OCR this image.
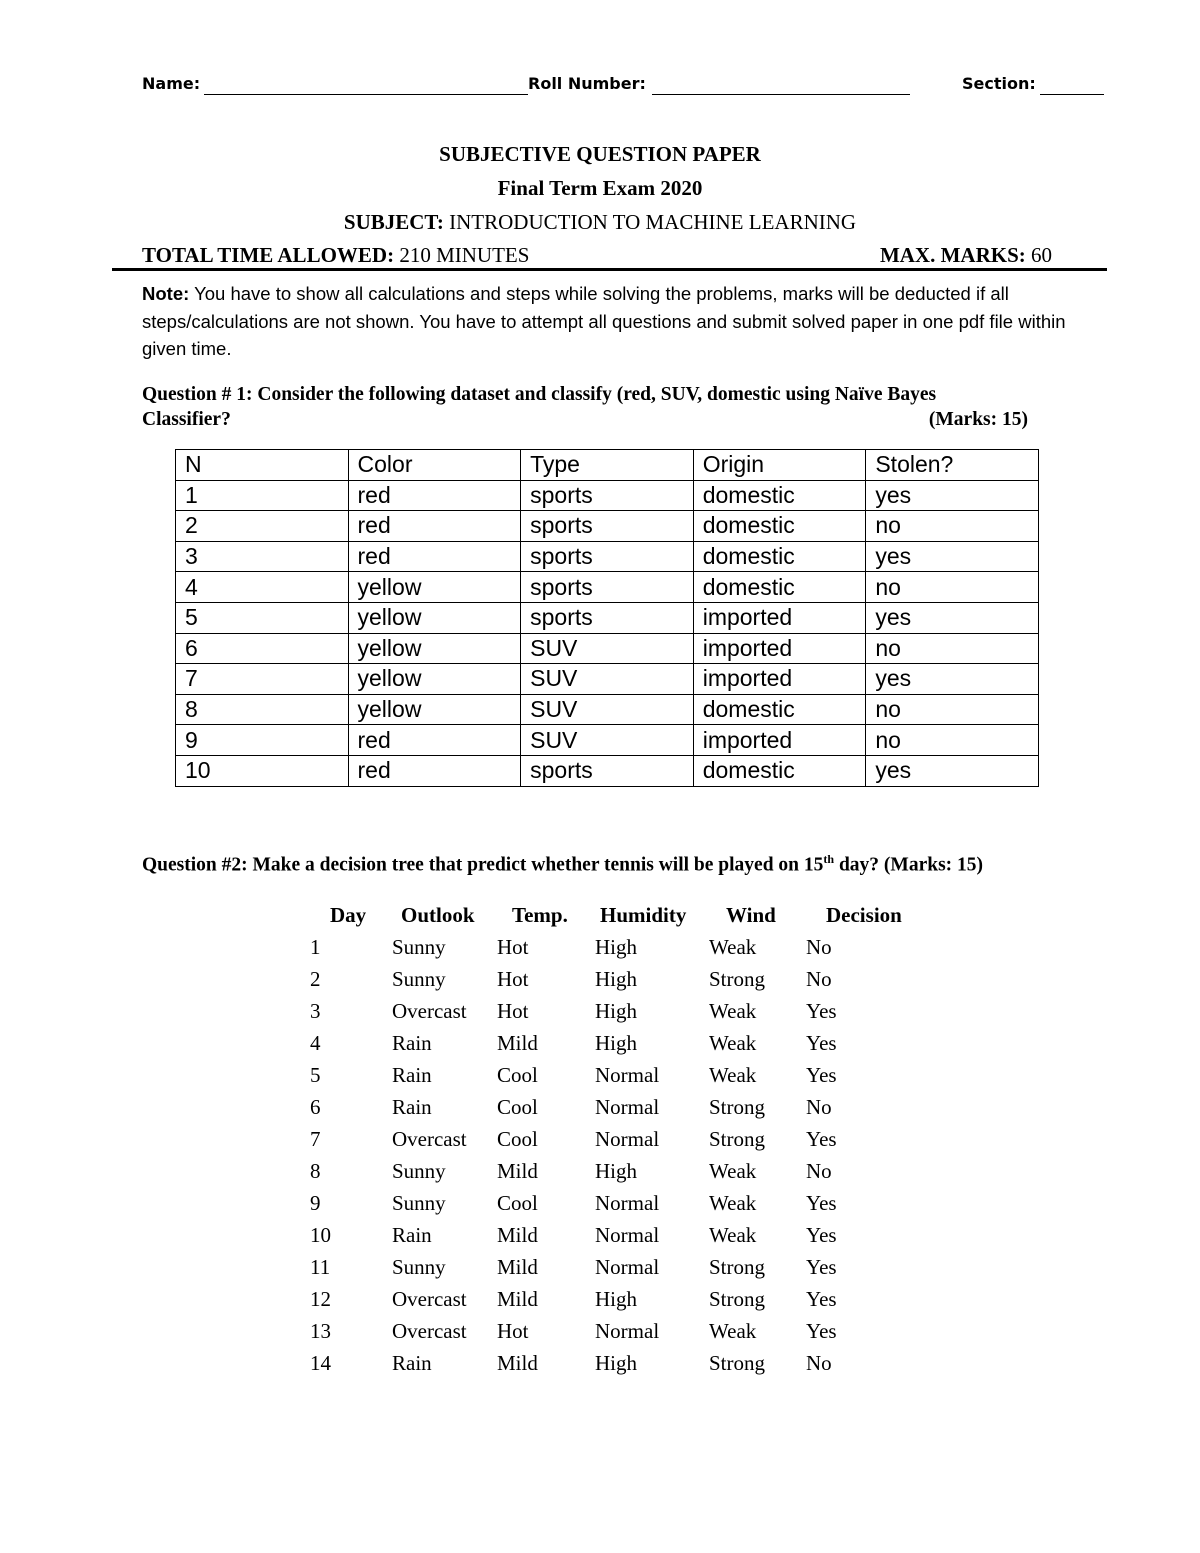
Name:	Roll Number:	Section:
SUBJECTIVE QUESTION PAPER
Final Term Exam 2020
SUBJECT: INTRODUCTION TO MACHINE LEARNING
TOTAL TIME ALLOWED: 210 MINUTES	MAX. MARKS: 60
Note: You have to show all calculations and steps while solving the problems, marks will be deducted if all steps/calculations are not shown. You have to attempt all questions and submit solved paper in one pdf file within given time.
Question # 1: Consider the following dataset and classify (red, SUV, domestic using Naïve Bayes Classifier?	(Marks: 15)
N	Color	Type	Origin	Stolen?
1	red	sports	domestic	yes
2	red	sports	domestic	no
3	red	sports	domestic	yes
4	yellow	sports	domestic	no
5	yellow	sports	imported	yes
6	yellow	SUV	imported	no
7	yellow	SUV	imported	yes
8	yellow	SUV	domestic	no
9	red	SUV	imported	no
10	red	sports	domestic	yes
Question #2: Make a decision tree that predict whether tennis will be played on 15th day? (Marks: 15)
Day Outlook Temp. Humidity Wind Decision
1	Sunny Hot	High	Weak No
2	Sunny Hot	High	Strong No
3	Overcast Hot	High	Weak Yes
4	Rain	Mild	High	Weak Yes
5	Rain	Cool	Normal Weak Yes
6	Rain	Cool	Normal Strong No
7	Overcast Cool	Normal Strong Yes
8	Sunny Mild	High	Weak No
9	Sunny Cool	Normal Weak Yes
10	Rain	Mild	Normal Weak Yes
11	Sunny Mild	Normal Strong Yes
12	Overcast Mild	High	Strong Yes
13	Overcast Hot	Normal Weak Yes
14	Rain	Mild	High	Strong No
